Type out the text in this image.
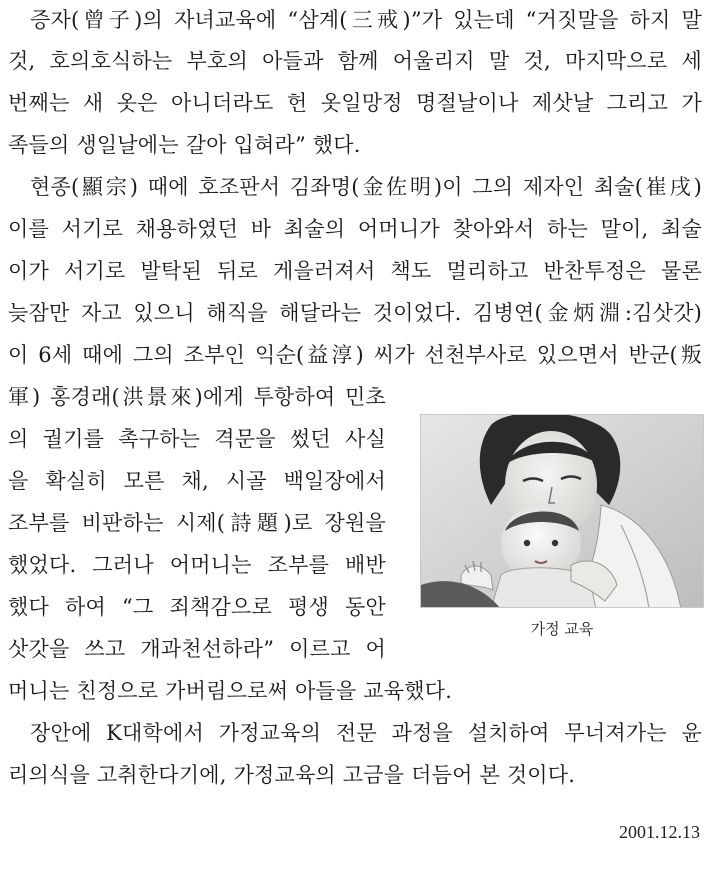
증자(曾子)의 자녀교육에 “삼계(三戒)”가 있는데 “거짓말을 하지 말
것, 호의호식하는 부호의 아들과 함께 어울리지 말 것, 마지막으로 세
번째는 새 옷은 아니더라도 헌 옷일망정 명절날이나 제삿날 그리고 가
족들의 생일날에는 갈아 입혀라” 했다.
현종(顯宗) 때에 호조판서 김좌명(金佐明)이 그의 제자인 최술(崔戌)
이를 서기로 채용하였던 바 최술의 어머니가 찾아와서 하는 말이, 최술
이가 서기로 발탁된 뒤로 게을러져서 책도 멀리하고 반찬투정은 물론
늦잠만 자고 있으니 해직을 해달라는 것이었다. 김병연(金炳淵:김삿갓)
이 6세 때에 그의 조부인 익순(益淳) 씨가 선천부사로 있으면서 반군(叛
軍) 홍경래(洪景來)에게 투항하여 민초
의 궐기를 촉구하는 격문을 썼던 사실
을 확실히 모른 채, 시골 백일장에서
조부를 비판하는 시제(詩題)로 장원을
했었다. 그러나 어머니는 조부를 배반
했다 하여 “그 죄책감으로 평생 동안
삿갓을 쓰고 개과천선하라” 이르고 어
머니는 친정으로 가버림으로써 아들을 교육했다.
장안에 K대학에서 가정교육의 전문 과정을 설치하여 무너져가는 윤
리의식을 고취한다기에, 가정교육의 고금을 더듬어 본 것이다.
가정 교육
2001.12.13
